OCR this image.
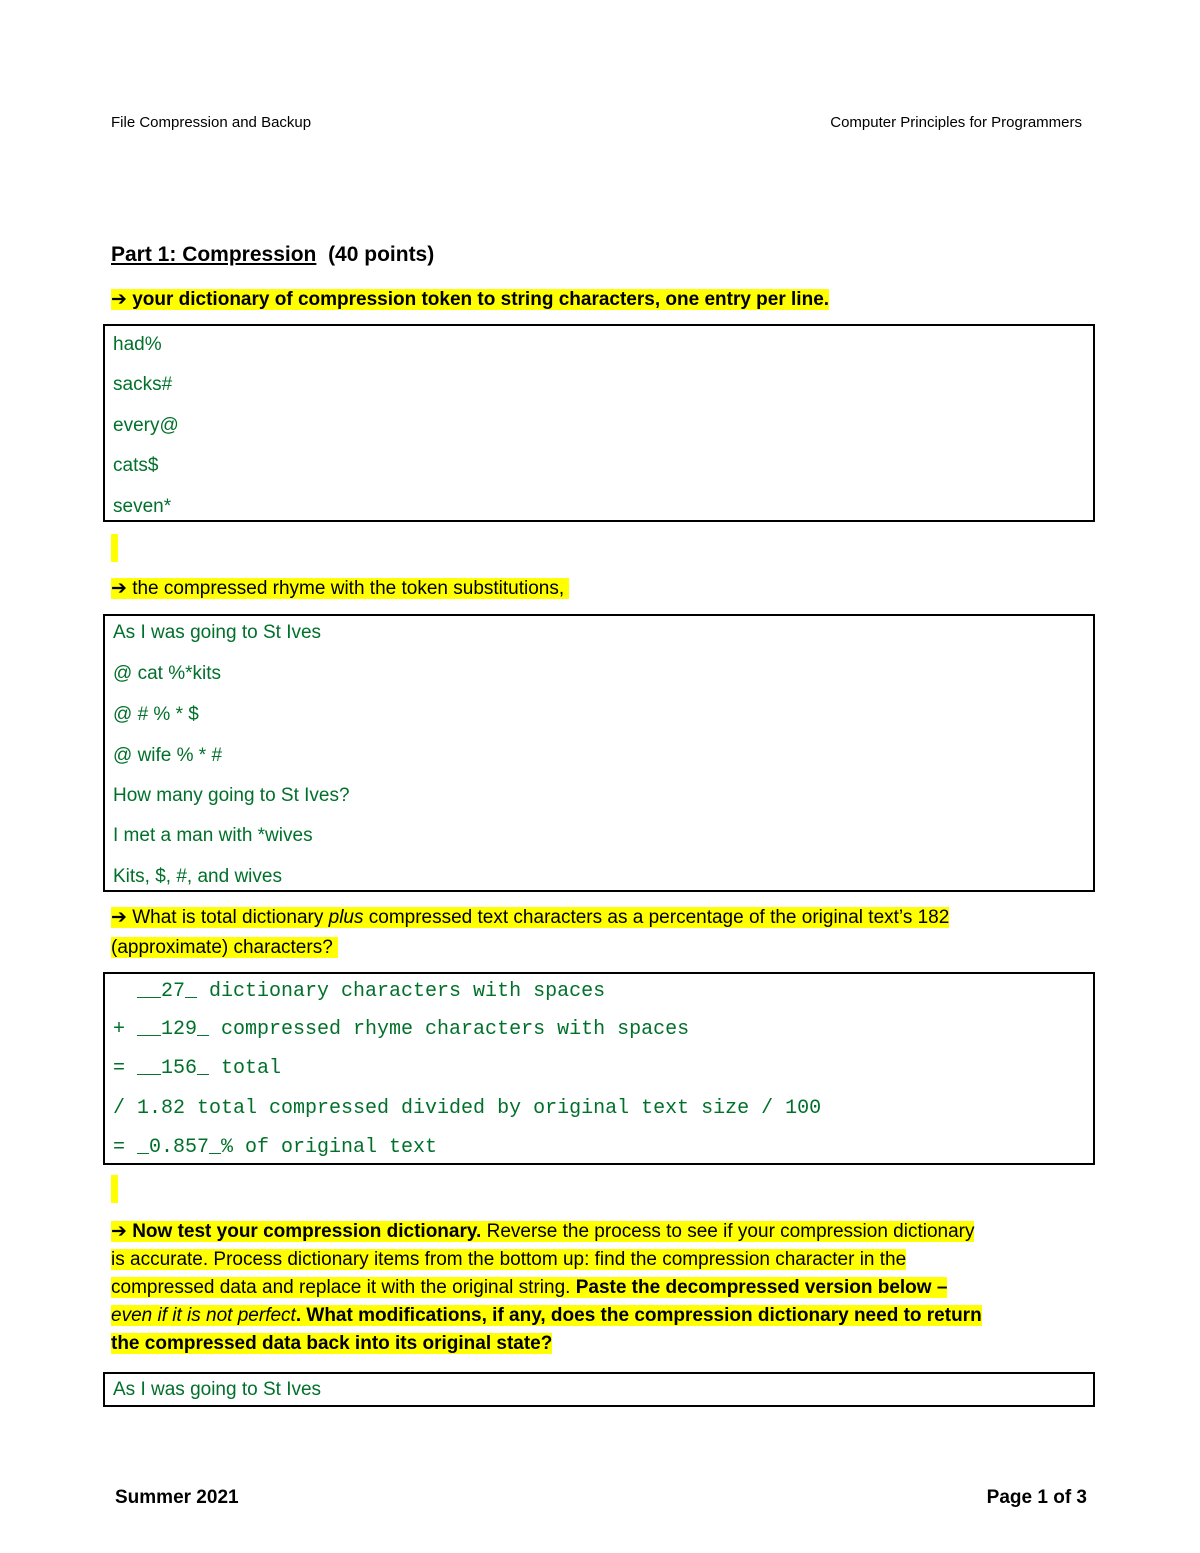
File Compression and Backup	Computer Principles for Programmers
Part 1: Compression (40 points)
➔ your dictionary of compression token to string characters, one entry per line.
had%
sacks#
every@
cats$
seven*
➔ the compressed rhyme with the token substitutions,
As I was going to St Ives
@ cat %*kits
@ # % * $
@ wife % * #
How many going to St Ives?
I met a man with *wives
Kits, $, #, and wives
➔ What is total dictionary plus compressed text characters as a percentage of the original text’s 182
(approximate) characters?
__27_ dictionary characters with spaces
+ __129_ compressed rhyme characters with spaces
= __156_ total
/ 1.82 total compressed divided by original text size / 100
= _0.857_% of original text
➔ Now test your compression dictionary. Reverse the process to see if your compression dictionary
is accurate. Process dictionary items from the bottom up: find the compression character in the
compressed data and replace it with the original string. Paste the decompressed version below –
even if it is not perfect. What modifications, if any, does the compression dictionary need to return
the compressed data back into its original state?
As I was going to St Ives
Summer 2021	Page 1 of 3
